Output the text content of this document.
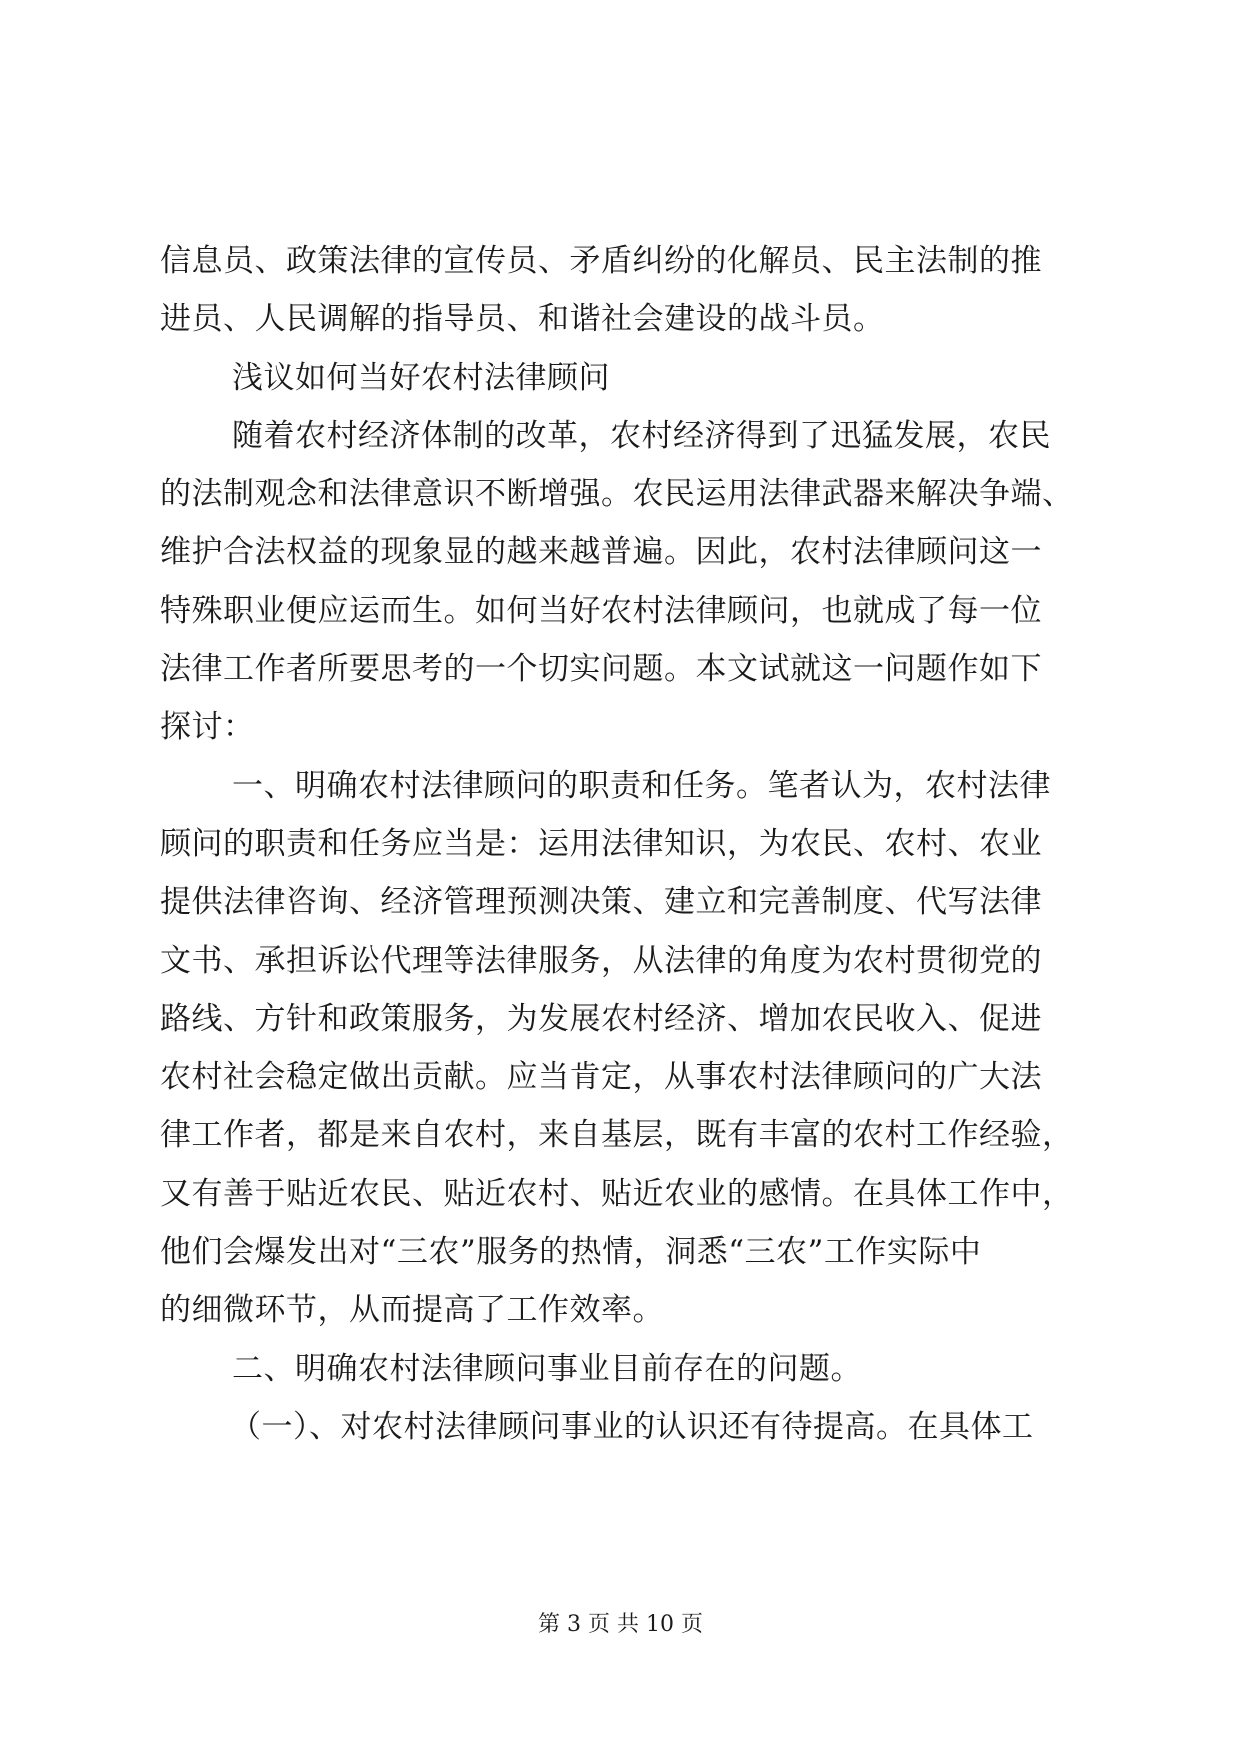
信息员、政策法律的宣传员、矛盾纠纷的化解员、民主法制的推
进员、人民调解的指导员、和谐社会建设的战斗员。
浅议如何当好农村法律顾问
随着农村经济体制的改革，农村经济得到了迅猛发展，农民
的法制观念和法律意识不断增强。农民运用法律武器来解决争端、
维护合法权益的现象显的越来越普遍。因此，农村法律顾问这一
特殊职业便应运而生。如何当好农村法律顾问，也就成了每一位
法律工作者所要思考的一个切实问题。本文试就这一问题作如下
探讨：
一、明确农村法律顾问的职责和任务。笔者认为，农村法律
顾问的职责和任务应当是：运用法律知识，为农民、农村、农业
提供法律咨询、经济管理预测决策、建立和完善制度、代写法律
文书、承担诉讼代理等法律服务，从法律的角度为农村贯彻党的
路线、方针和政策服务，为发展农村经济、增加农民收入、促进
农村社会稳定做出贡献。应当肯定，从事农村法律顾问的广大法
律工作者，都是来自农村，来自基层，既有丰富的农村工作经验，
又有善于贴近农民、贴近农村、贴近农业的感情。在具体工作中，
他们会爆发出对“三农”服务的热情，洞悉“三农”工作实际中
的细微环节，从而提高了工作效率。
二、明确农村法律顾问事业目前存在的问题。
（一）、对农村法律顾问事业的认识还有待提高。在具体工
第 3 页 共 10 页
